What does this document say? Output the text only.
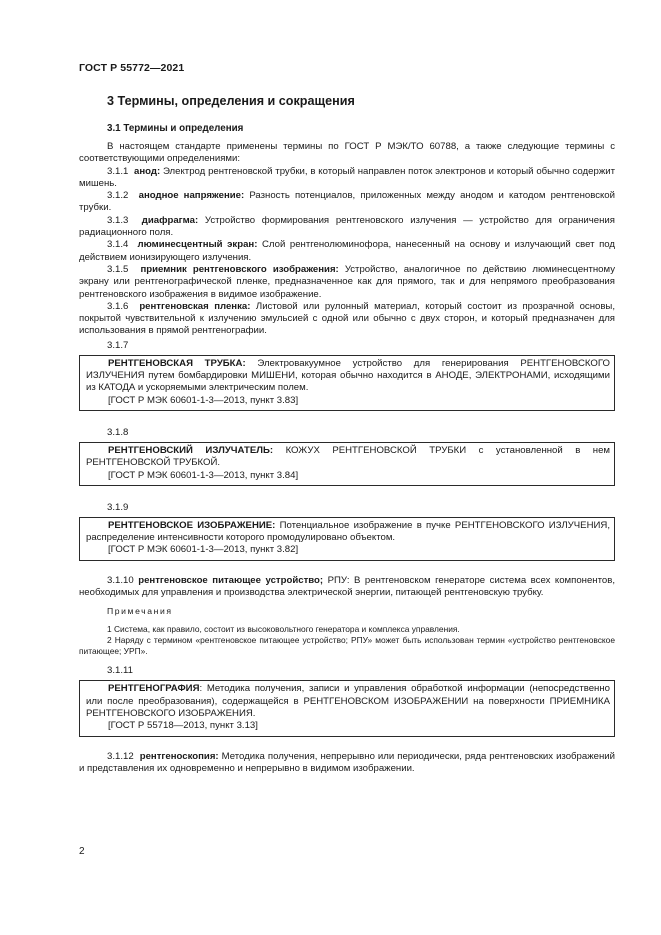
ГОСТ Р 55772—2021
3 Термины, определения и сокращения
3.1 Термины и определения

В настоящем стандарте применены термины по ГОСТ Р МЭК/ТО 60788, а также следующие термины с соответствующими определениями:

3.1.1 анод: Электрод рентгеновской трубки, в который направлен поток электронов и который обычно содержит мишень.

3.1.2 анодное напряжение: Разность потенциалов, приложенных между анодом и катодом рентгеновской трубки.

3.1.3 диафрагма: Устройство формирования рентгеновского излучения — устройство для ограничения радиационного поля.

3.1.4 люминесцентный экран: Слой рентгенолюминофора, нанесенный на основу и излучающий свет под действием ионизирующего излучения.

3.1.5 приемник рентгеновского изображения: Устройство, аналогичное по действию люминесцентному экрану или рентгенографической пленке, предназначенное как для прямого, так и для непрямого преобразования рентгеновского изображения в видимое изображение.

3.1.6 рентгеновская пленка: Листовой или рулонный материал, который состоит из прозрачной основы, покрытой чувствительной к излучению эмульсией с одной или обычно с двух сторон, и который предназначен для использования в прямой рентгенографии.

3.1.7

РЕНТГЕНОВСКАЯ ТРУБКА: Электровакуумное устройство для генерирования РЕНТГЕНОВСКОГО ИЗЛУЧЕНИЯ путем бомбардировки МИШЕНИ, которая обычно находится в АНОДЕ, ЭЛЕКТРОНАМИ, исходящими из КАТОДА и ускоряемыми электрическим полем.

[ГОСТ Р МЭК 60601-1-3—2013, пункт 3.83]

3.1.8

РЕНТГЕНОВСКИЙ ИЗЛУЧАТЕЛЬ: КОЖУХ РЕНТГЕНОВСКОЙ ТРУБКИ с установленной в нем РЕНТГЕНОВСКОЙ ТРУБКОЙ.

[ГОСТ Р МЭК 60601-1-3—2013, пункт 3.84]

3.1.9

РЕНТГЕНОВСКОЕ ИЗОБРАЖЕНИЕ: Потенциальное изображение в пучке РЕНТГЕНОВСКОГО ИЗЛУЧЕНИЯ, распределение интенсивности которого промодулировано объектом.

[ГОСТ Р МЭК 60601-1-3—2013, пункт 3.82]

3.1.10 рентгеновское питающее устройство; РПУ: В рентгеновском генераторе система всех компонентов, необходимых для управления и производства электрической энергии, питающей рентгеновскую трубку.

Примечания

1 Система, как правило, состоит из высоковольтного генератора и комплекса управления.

2 Наряду с термином «рентгеновское питающее устройство; РПУ» может быть использован термин «устройство рентгеновское питающее; УРП».

3.1.11

РЕНТГЕНОГРАФИЯ: Методика получения, записи и управления обработкой информации (непосредственно или после преобразования), содержащейся в РЕНТГЕНОВСКОМ ИЗОБРАЖЕНИИ на поверхности ПРИЕМНИКА РЕНТГЕНОВСКОГО ИЗОБРАЖЕНИЯ.

[ГОСТ Р 55718—2013, пункт 3.13]

3.1.12 рентгеноскопия: Методика получения, непрерывно или периодически, ряда рентгеновских изображений и представления их одновременно и непрерывно в видимом изображении.

2
